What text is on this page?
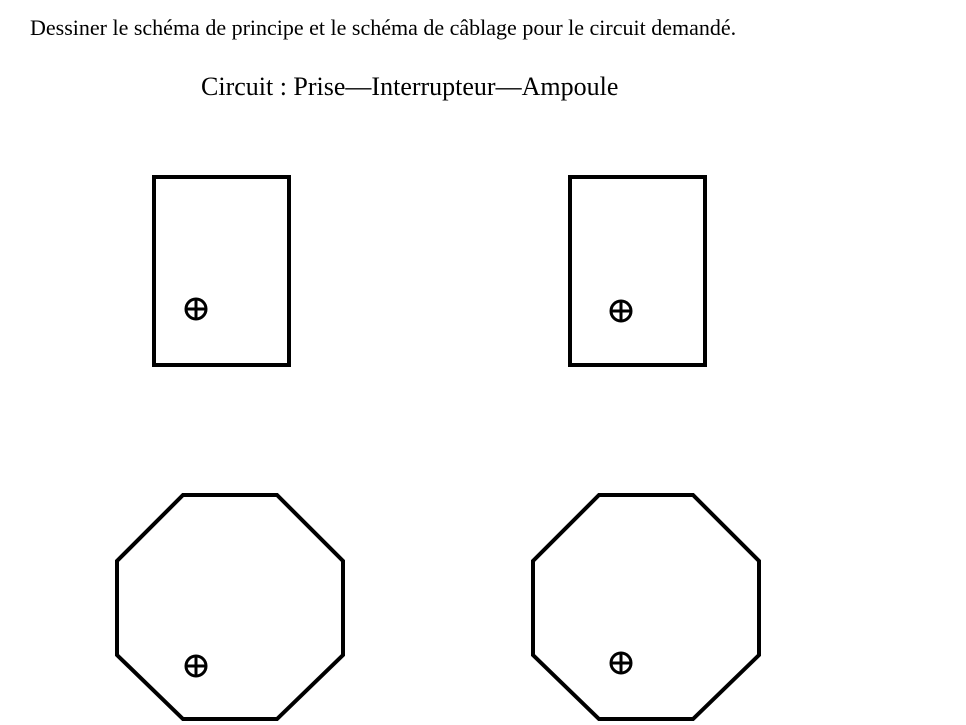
Dessiner le schéma de principe et le schéma de câblage pour le circuit demandé.
Circuit : Prise—Interrupteur—Ampoule
